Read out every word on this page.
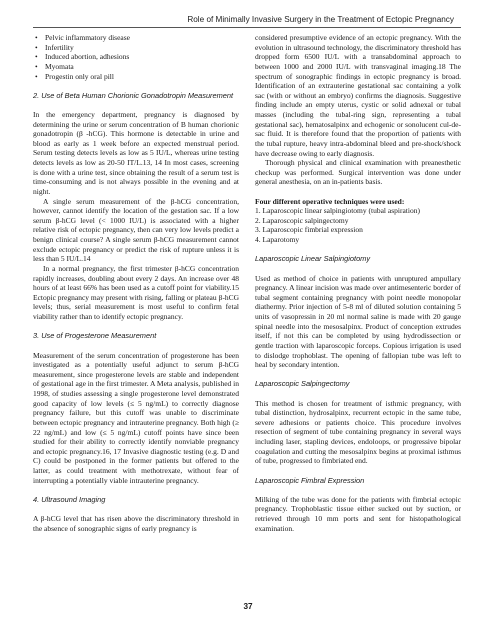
Role of Minimally Invasive Surgery in the Treatment of Ectopic Pregnancy
• Pelvic inflammatory disease
• Infertility
• Induced abortion, adhesions
• Myomata
• Progestin only oral pill

2. Use of Beta Human Chorionic Gonadotropin Measurement

In the emergency department, pregnancy is diagnosed by determining the urine or serum concentration of B human chorionic gonadotropin (β -hCG). This hormone is detectable in urine and blood as early as 1 week before an expected menstrual period. Serum testing detects levels as low as 5 IU/L, whereas urine testing detects levels as low as 20-50 IT/L.13, 14 In most cases, screening is done with a urine test, since obtaining the result of a serum test is time-consuming and is not always possible in the evening and at night.

A single serum measurement of the β-hCG concentration, however, cannot identify the location of the gestation sac. If a low serum β-hCG level (< 1000 IU/L) is associated with a higher relative risk of ectopic pregnancy, then can very low levels predict a benign clinical course? A single serum β-hCG measurement cannot exclude ectopic pregnancy or predict the risk of rupture unless it is less than 5 IU/L.14

In a normal pregnancy, the first trimester β-hCG concentration rapidly increases, doubling about every 2 days. An increase over 48 hours of at least 66% has been used as a cutoff point for viability.15 Ectopic pregnancy may present with rising, falling or plateau β-hCG levels; thus, serial measurement is most useful to confirm fetal viability rather than to identify ectopic pregnancy.

3. Use of Progesterone Measurement

Measurement of the serum concentration of progesterone has been investigated as a potentially useful adjunct to serum β-hCG measurement, since progesterone levels are stable and independent of gestational age in the first trimester. A Meta analysis, published in 1998, of studies assessing a single progesterone level demonstrated good capacity of low levels (≤ 5 ng/mL) to correctly diagnose pregnancy failure, but this cutoff was unable to discriminate between ectopic pregnancy and intrauterine pregnancy. Both high (≥ 22 ng/mL) and low (≤ 5 ng/mL) cutoff points have since been studied for their ability to correctly identify nonviable pregnancy and ectopic pregnancy.16, 17 Invasive diagnostic testing (e.g. D and C) could be postponed in the former patients but offered to the latter, as could treatment with methotrexate, without fear of interrupting a potentially viable intrauterine pregnancy.

4. Ultrasound Imaging

A β-hCG level that has risen above the discriminatory threshold in the absence of sonographic signs of early pregnancy is

considered presumptive evidence of an ectopic pregnancy. With the evolution in ultrasound technology, the discriminatory threshold has dropped form 6500 IU/L with a transabdominal approach to between 1000 and 2000 IU/L with transvaginal imaging.18 The spectrum of sonographic findings in ectopic pregnancy is broad. Identification of an extrauterine gestational sac containing a yolk sac (with or without an embryo) confirms the diagnosis. Suggestive finding include an empty uterus, cystic or solid adnexal or tubal masses (including the tubal-ring sign, representing a tubal gestational sac), hematosalpinx and echogenic or sonolucent cul-de-sac fluid. It is therefore found that the proportion of patients with the tubal rupture, heavy intra-abdominal bleed and pre-shock/shock have decrease owing to early diagnosis.

Thorough physical and clinical examination with preanesthetic checkup was performed. Surgical intervention was done under general anesthesia, on an in-patients basis.

Four different operative techniques were used:

1. Laparoscopic linear salpingiotomy (tubal aspiration)
2. Laparoscopic salpingectomy
3. Laparoscopic fimbrial expression
4. Laparotomy

Laparoscopic Linear Salpingiotomy

Used as method of choice in patients with unruptured ampullary pregnancy. A linear incision was made over antimesenteric border of tubal segment containing pregnancy with point needle monopolar diathermy. Prior injection of 5-8 ml of diluted solution containing 5 units of vasopressin in 20 ml normal saline is made with 20 gauge spinal needle into the mesosalpinx. Product of conception extrudes itself, if not this can be completed by using hydrodissection or gentle traction with laparoscopic forceps. Copious irrigation is used to dislodge trophoblast. The opening of fallopian tube was left to heal by secondary intention.

Laparoscopic Salpingectomy

This method is chosen for treatment of isthmic pregnancy, with tubal distinction, hydrosalpinx, recurrent ectopic in the same tube, severe adhesions or patients choice. This procedure involves resection of segment of tube containing pregnancy in several ways including laser, stapling devices, endoloops, or progressive bipolar coagulation and cutting the mesosalpinx begins at proximal isthmus of tube, progressed to fimbriated end.

Laparoscopic Fimbral Expression

Milking of the tube was done for the patients with fimbrial ectopic pregnancy. Trophoblastic tissue either sucked out by suction, or retrieved through 10 mm ports and sent for histopathological examination.

37
